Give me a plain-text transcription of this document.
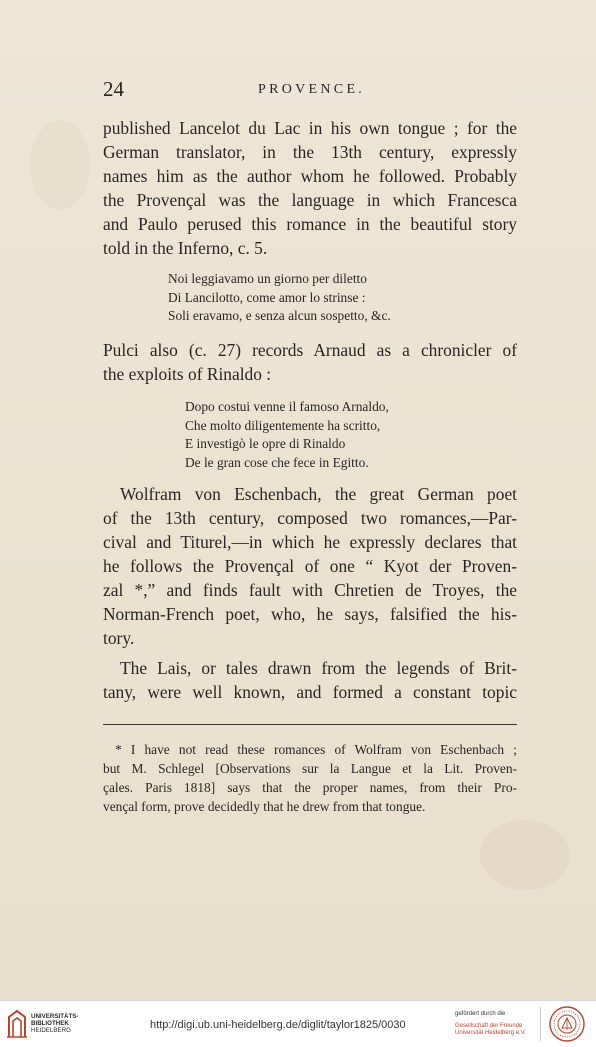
24	PROVENCE.

published Lancelot du Lac in his own tongue ; for the
German translator, in the 13th century, expressly
names him as the author whom he followed. Probably
the Provençal was the language in which Francesca
and Paulo perused this romance in the beautiful story
told in the Inferno, c. 5.

Noi leggiavamo un giorno per diletto
Di Lancilotto, come amor lo strinse :
Soli eravamo, e senza alcun sospetto, &c.

Pulci also (c. 27) records Arnaud as a chronicler of
the exploits of Rinaldo :

Dopo costui venne il famoso Arnaldo,
Che molto diligentemente ha scritto,
E investigò le opre di Rinaldo
De le gran cose che fece in Egitto.

Wolfram von Eschenbach, the great German poet
of the 13th century, composed two romances,—Par-
cival and Titurel,—in which he expressly declares that
he follows the Provençal of one “ Kyot der Proven-
zal *,” and finds fault with Chretien de Troyes, the
Norman-French poet, who, he says, falsified the his-
tory.

The Lais, or tales drawn from the legends of Brit-
tany, were well known, and formed a constant topic

* I have not read these romances of Wolfram von Eschenbach ;
but M. Schlegel [Observations sur la Langue et la Lit. Proven-
çales. Paris 1818] says that the proper names, from their Pro-
vençal form, prove decidedly that he drew from that tongue.

UNIVERSITÄTS-
BIBLIOTHEK
HEIDELBERG	http://digi.ub.uni-heidelberg.de/diglit/taylor1825/0030
gefördert durch die
Gesellschaft der Freunde
Universität Heidelberg e.V.
